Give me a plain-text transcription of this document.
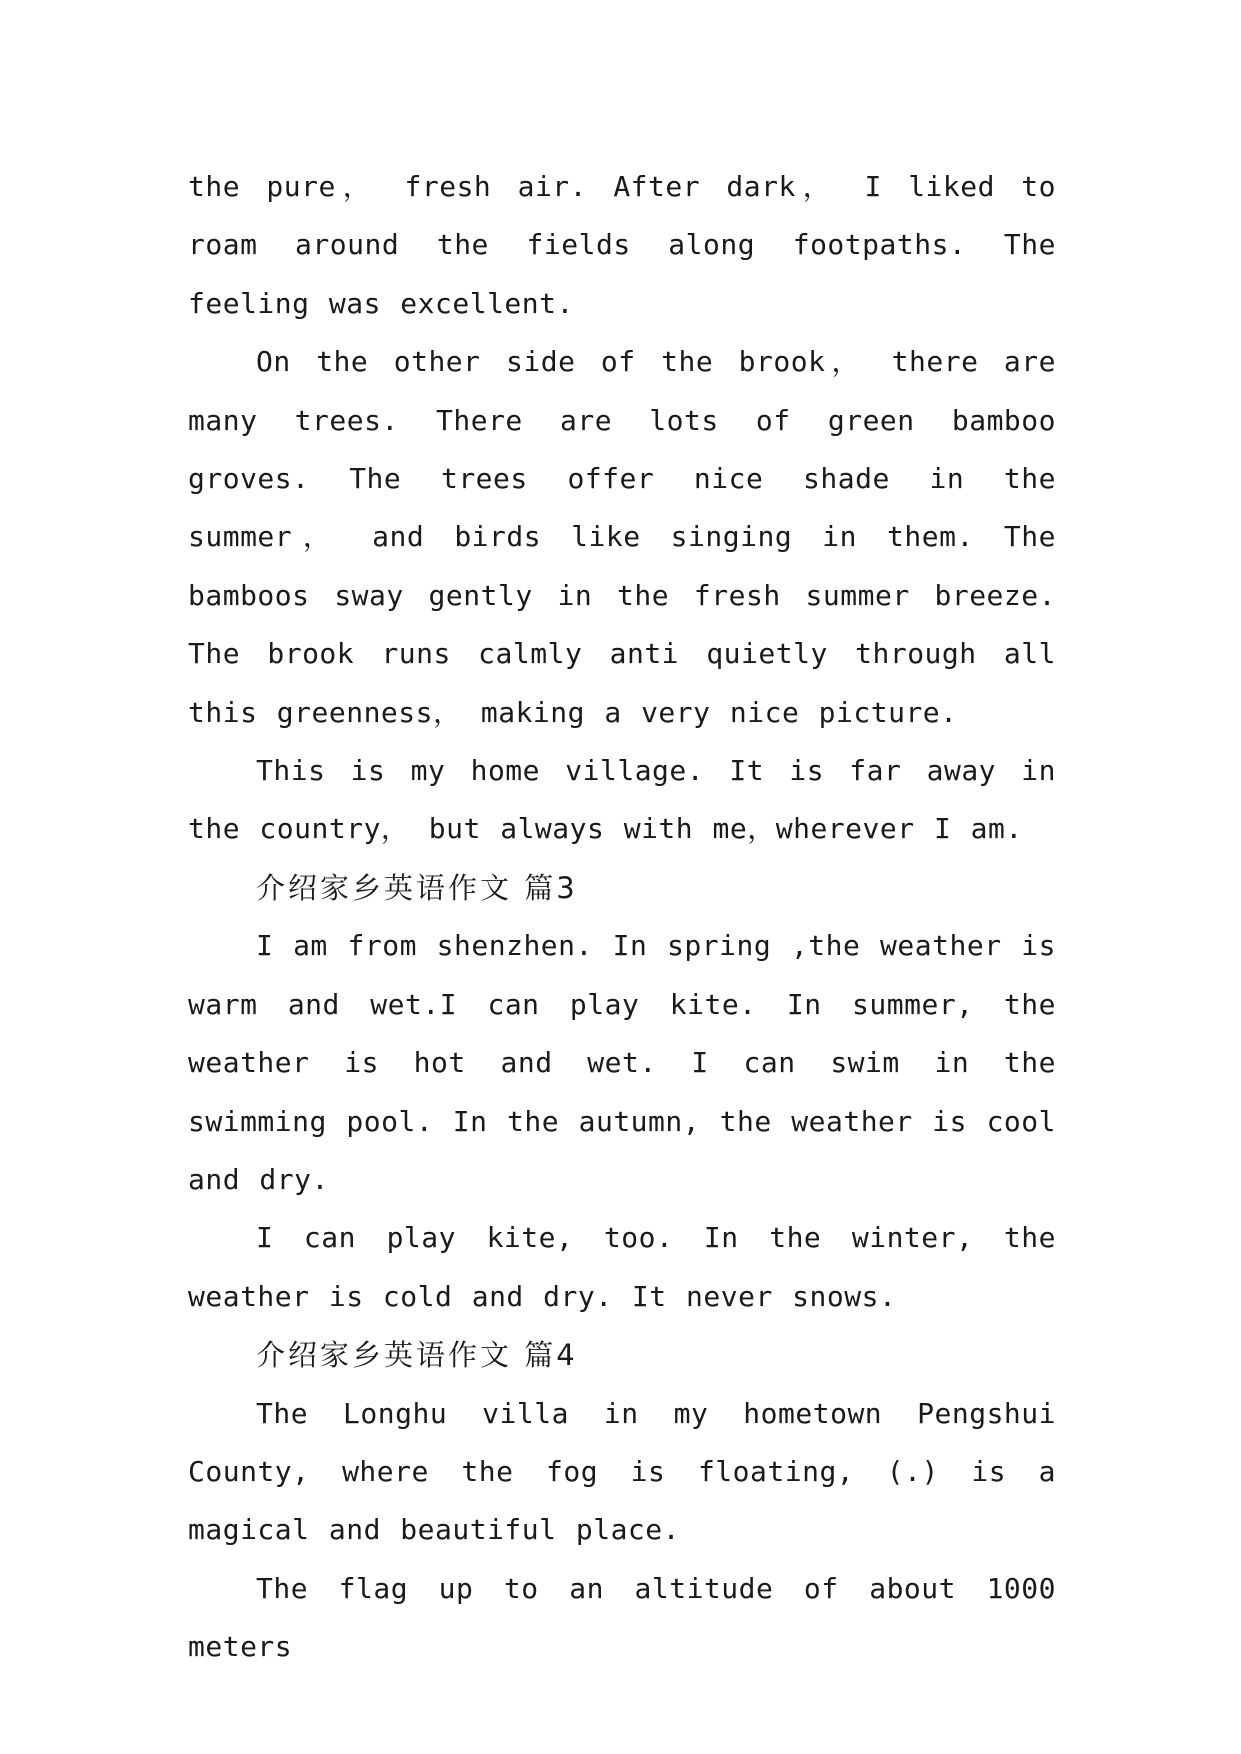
the pure， fresh air. After dark， I liked to roam around the fields along footpaths. The feeling was excellent.

On the other side of the brook， there are many trees. There are lots of green bamboo groves. The trees offer nice shade in the summer， and birds like singing in them. The bamboos sway gently in the fresh summer breeze. The brook runs calmly anti quietly through all this greenness， making a very nice picture.

This is my home village. It is far away in the country， but always with me，wherever I am.

介绍家乡英语作文 篇3

I am from shenzhen. In spring ,the weather is warm and wet.I can play kite. In summer, the weather is hot and wet. I can swim in the swimming pool. In the autumn, the weather is cool and dry.

I can play kite, too. In the winter, the weather is cold and dry. It never snows.

介绍家乡英语作文 篇4

The Longhu villa in my hometown Pengshui County, where the fog is floating, (.) is a magical and beautiful place.

The flag up to an altitude of about 1000 meters
